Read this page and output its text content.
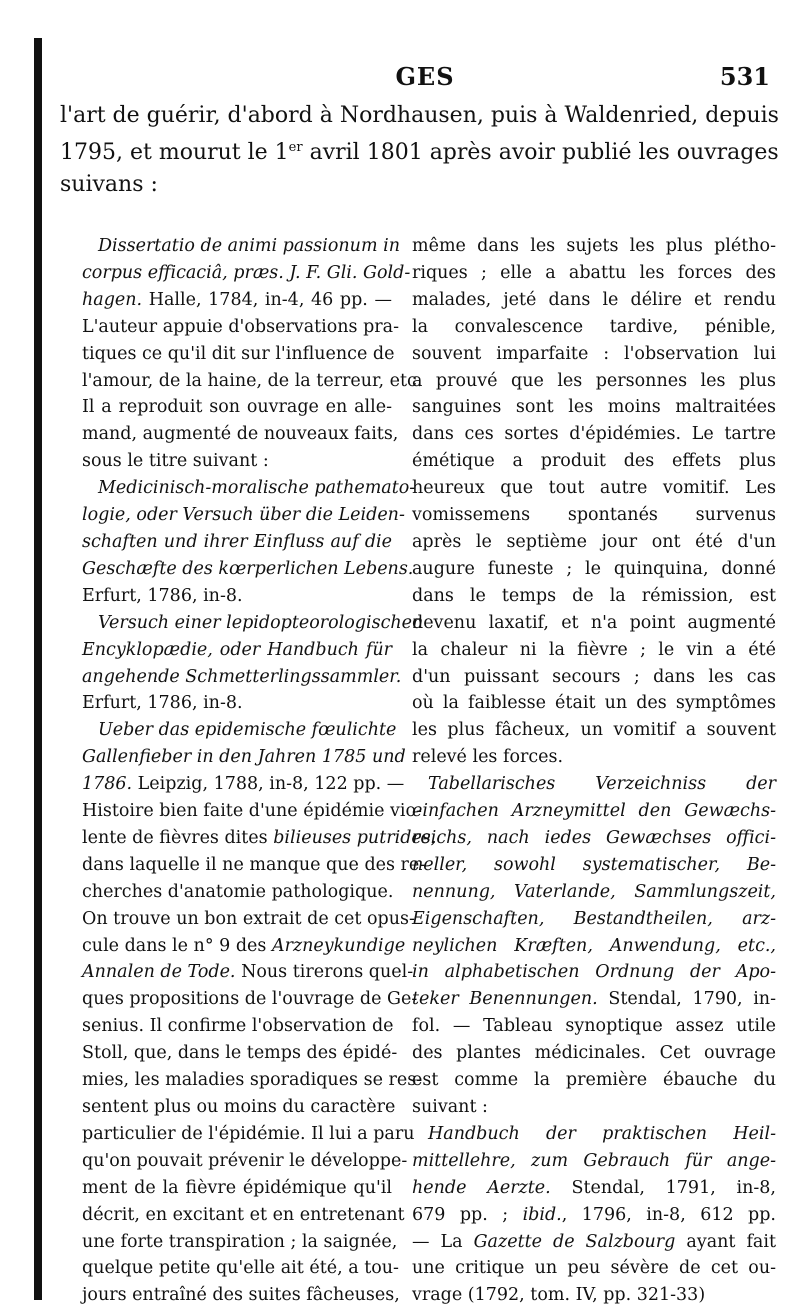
GES	531
l'art de guérir, d'abord à Nordhausen, puis à Waldenried, depuis
1795, et mourut le 1er avril 1801 après avoir publié les ouvrages
suivans :
Dissertatio de animi passionum in
corpus efficaciâ, præs. J. F. Gli. Gold-
hagen. Halle, 1784, in-4, 46 pp. —
L'auteur appuie d'observations pra-
tiques ce qu'il dit sur l'influence de
l'amour, de la haine, de la terreur, etc.
Il a reproduit son ouvrage en alle-
mand, augmenté de nouveaux faits,
sous le titre suivant :
Medicinisch-moralische pathemato-
logie, oder Versuch über die Leiden-
schaften und ihrer Einfluss auf die
Geschæfte des kœrperlichen Lebens.
Erfurt, 1786, in-8.
Versuch einer lepidopteorologischen
Encyklopædie, oder Handbuch für
angehende Schmetterlingssammler.
Erfurt, 1786, in-8.
Ueber das epidemische fœulichte
Gallenfieber in den Jahren 1785 und
1786. Leipzig, 1788, in-8, 122 pp. —
Histoire bien faite d'une épidémie vio-
lente de fièvres dites bilieuses putrides,
dans laquelle il ne manque que des re-
cherches d'anatomie pathologique.
On trouve un bon extrait de cet opus-
cule dans le n° 9 des Arzneykundige
Annalen de Tode. Nous tirerons quel-
ques propositions de l'ouvrage de Ge-
senius. Il confirme l'observation de
Stoll, que, dans le temps des épidé-
mies, les maladies sporadiques se res-
sentent plus ou moins du caractère
particulier de l'épidémie. Il lui a paru
qu'on pouvait prévenir le développe-
ment de la fièvre épidémique qu'il
décrit, en excitant et en entretenant
une forte transpiration ; la saignée,
quelque petite qu'elle ait été, a tou-
jours entraîné des suites fâcheuses,
même dans les sujets les plus plétho-
riques ; elle a abattu les forces des
malades, jeté dans le délire et rendu
la convalescence tardive, pénible,
souvent imparfaite : l'observation lui
a prouvé que les personnes les plus
sanguines sont les moins maltraitées
dans ces sortes d'épidémies. Le tartre
émétique a produit des effets plus
heureux que tout autre vomitif. Les
vomissemens spontanés survenus
après le septième jour ont été d'un
augure funeste ; le quinquina, donné
dans le temps de la rémission, est
devenu laxatif, et n'a point augmenté
la chaleur ni la fièvre ; le vin a été
d'un puissant secours ; dans les cas
où la faiblesse était un des symptômes
les plus fâcheux, un vomitif a souvent
relevé les forces.
Tabellarisches Verzeichniss der
einfachen Arzneymittel den Gewæchs-
reichs, nach iedes Gewæchses offici-
neller, sowohl systematischer, Be-
nennung, Vaterlande, Sammlungszeit,
Eigenschaften, Bestandtheilen, arz-
neylichen Kræften, Anwendung, etc.,
in alphabetischen Ordnung der Apo-
teker Benennungen. Stendal, 1790, in-
fol. — Tableau synoptique assez utile
des plantes médicinales. Cet ouvrage
est comme la première ébauche du
suivant :
Handbuch der praktischen Heil-
mittellehre, zum Gebrauch für ange-
hende Aerzte. Stendal, 1791, in-8,
679 pp. ; ibid., 1796, in-8, 612 pp.
— La Gazette de Salzbourg ayant fait
une critique un peu sévère de cet ou-
vrage (1792, tom. IV, pp. 321-33)
